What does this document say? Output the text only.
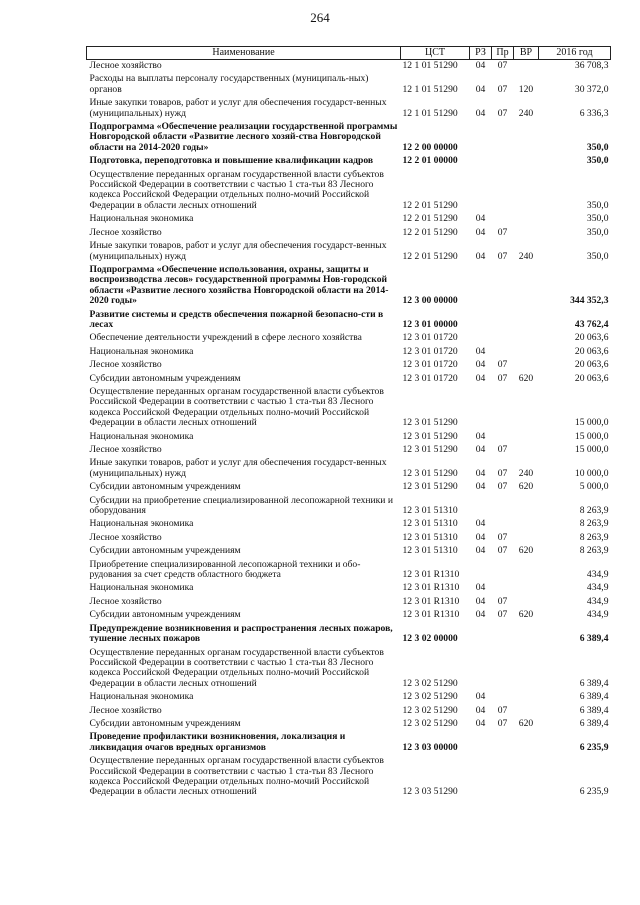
264
Наименование	ЦСТ	РЗ	Пр	ВР	2016 год
Лесное хозяйство	12 1 01 51290	04	07		36 708,3
Расходы на выплаты персоналу государственных (муниципаль-ных) органов	12 1 01 51290	04	07	120	30 372,0
Иные закупки товаров, работ и услуг для обеспечения государст-венных (муниципальных) нужд	12 1 01 51290	04	07	240	6 336,3
Подпрограмма «Обеспечение реализации государственной программы Новгородской области «Развитие лесного хозяй-ства Новгородской области на 2014-2020 годы»	12 2 00 00000				350,0
Подготовка, переподготовка и повышение квалификации кадров	12 2 01 00000				350,0
Осуществление переданных органам государственной власти субъектов Российской Федерации в соответствии с частью 1 ста-тьи 83 Лесного кодекса Российской Федерации отдельных полно-мочий Российской Федерации в области лесных отношений	12 2 01 51290				350,0
Национальная экономика	12 2 01 51290	04			350,0
Лесное хозяйство	12 2 01 51290	04	07		350,0
Иные закупки товаров, работ и услуг для обеспечения государст-венных (муниципальных) нужд	12 2 01 51290	04	07	240	350,0
Подпрограмма «Обеспечение использования, охраны, защиты и воспроизводства лесов» государственной программы Нов-городской области «Развитие лесного хозяйства Новгородской области на 2014-2020 годы»	12 3 00 00000				344 352,3
Развитие системы и средств обеспечения пожарной безопасно-сти в лесах	12 3 01 00000				43 762,4
Обеспечение деятельности учреждений в сфере лесного хозяйства	12 3 01 01720				20 063,6
Национальная экономика	12 3 01 01720	04			20 063,6
Лесное хозяйство	12 3 01 01720	04	07		20 063,6
Субсидии автономным учреждениям	12 3 01 01720	04	07	620	20 063,6
Осуществление переданных органам государственной власти субъектов Российской Федерации в соответствии с частью 1 ста-тьи 83 Лесного кодекса Российской Федерации отдельных полно-мочий Российской Федерации в области лесных отношений	12 3 01 51290				15 000,0
Национальная экономика	12 3 01 51290	04			15 000,0
Лесное хозяйство	12 3 01 51290	04	07		15 000,0
Иные закупки товаров, работ и услуг для обеспечения государст-венных (муниципальных) нужд	12 3 01 51290	04	07	240	10 000,0
Субсидии автономным учреждениям	12 3 01 51290	04	07	620	5 000,0
Субсидии на приобретение специализированной лесопожарной техники и оборудования	12 3 01 51310				8 263,9
Национальная экономика	12 3 01 51310	04			8 263,9
Лесное хозяйство	12 3 01 51310	04	07		8 263,9
Субсидии автономным учреждениям	12 3 01 51310	04	07	620	8 263,9
Приобретение специализированной лесопожарной техники и обо-рудования за счет средств областного бюджета	12 3 01 R1310				434,9
Национальная экономика	12 3 01 R1310	04			434,9
Лесное хозяйство	12 3 01 R1310	04	07		434,9
Субсидии автономным учреждениям	12 3 01 R1310	04	07	620	434,9
Предупреждение возникновения и распространения лесных пожаров, тушение лесных пожаров	12 3 02 00000				6 389,4
Осуществление переданных органам государственной власти субъектов Российской Федерации в соответствии с частью 1 ста-тьи 83 Лесного кодекса Российской Федерации отдельных полно-мочий Российской Федерации в области лесных отношений	12 3 02 51290				6 389,4
Национальная экономика	12 3 02 51290	04			6 389,4
Лесное хозяйство	12 3 02 51290	04	07		6 389,4
Субсидии автономным учреждениям	12 3 02 51290	04	07	620	6 389,4
Проведение профилактики возникновения, локализация и ликвидация очагов вредных организмов	12 3 03 00000				6 235,9
Осуществление переданных органам государственной власти субъектов Российской Федерации в соответствии с частью 1 ста-тьи 83 Лесного кодекса Российской Федерации отдельных полно-мочий Российской Федерации в области лесных отношений	12 3 03 51290				6 235,9
